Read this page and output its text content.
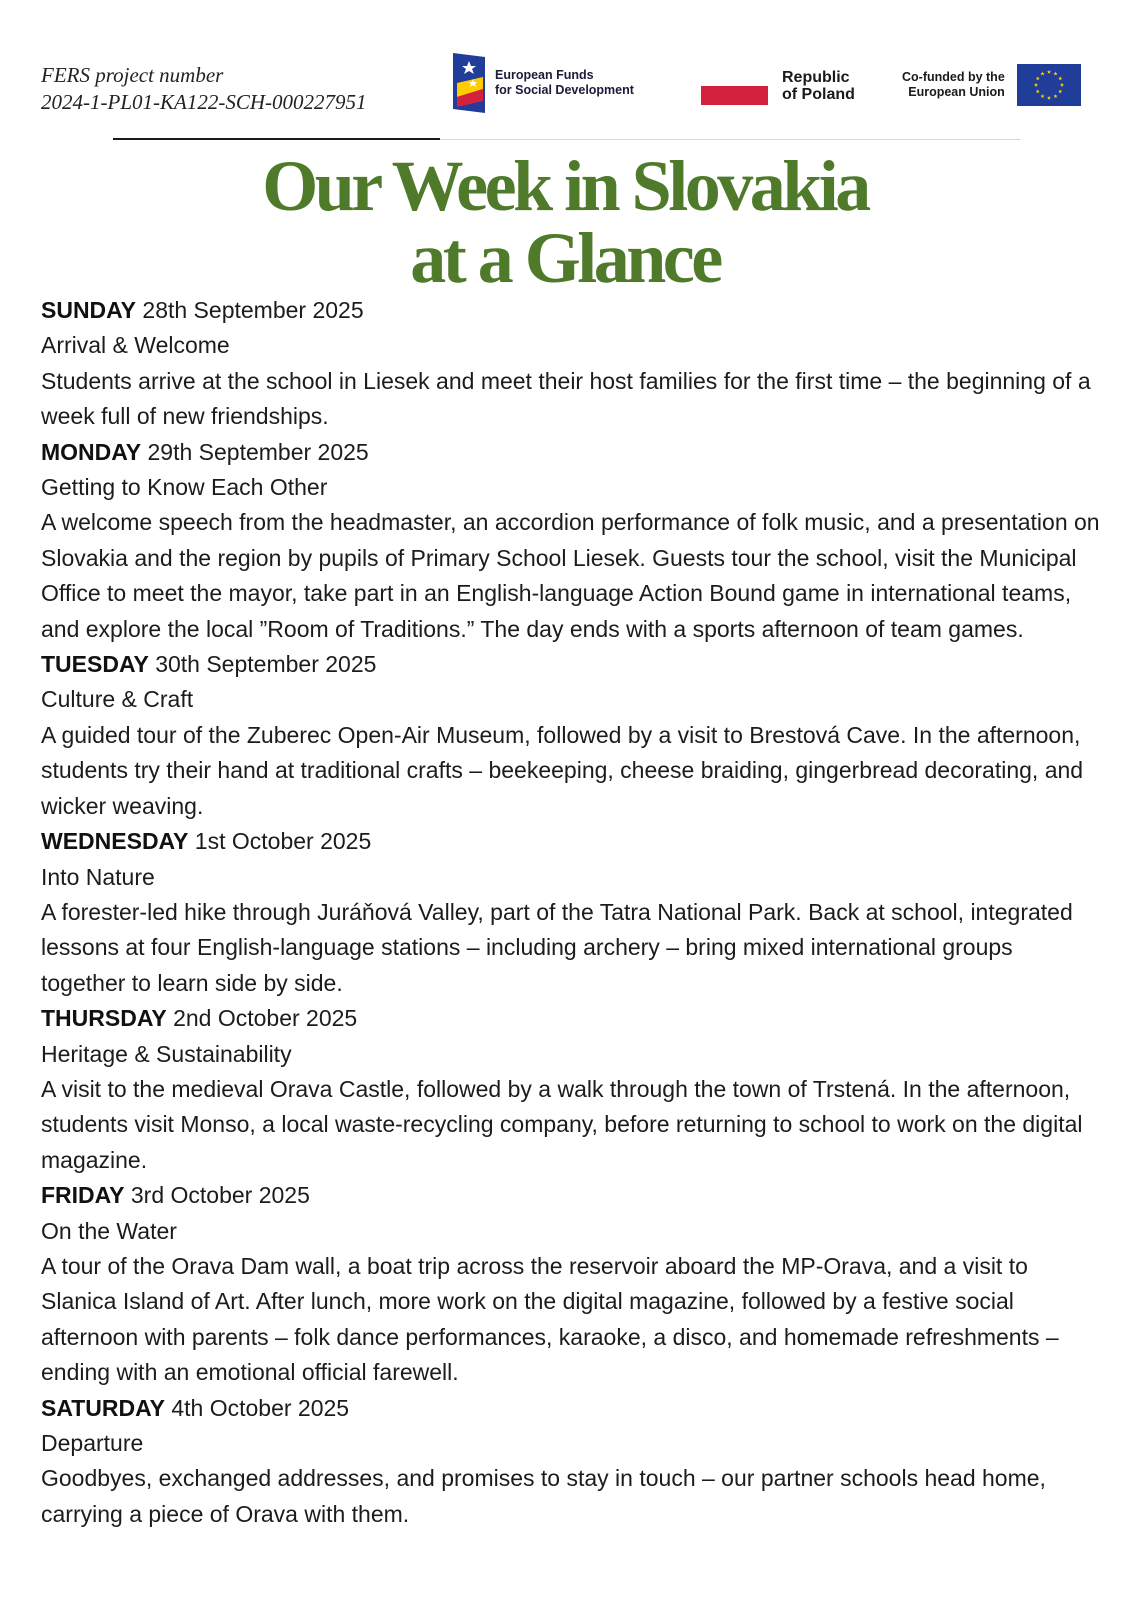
FERS project number
2024-1-PL01-KA122-SCH-000227951
European Funds
for Social Development
Republic
of Poland
Co-funded by the
European Union
Our Week in Slovakia
at a Glance

SUNDAY 28th September 2025

Arrival & Welcome

Students arrive at the school in Liesek and meet their host families for the first time – the beginning of a week full of new friendships.

MONDAY 29th September 2025

Getting to Know Each Other

A welcome speech from the headmaster, an accordion performance of folk music, and a presentation on Slovakia and the region by pupils of Primary School Liesek. Guests tour the school, visit the Municipal Office to meet the mayor, take part in an English-language Action Bound game in international teams, and explore the local ”Room of Traditions.” The day ends with a sports afternoon of team games.

TUESDAY 30th September 2025

Culture & Craft

A guided tour of the Zuberec Open-Air Museum, followed by a visit to Brestová Cave. In the afternoon, students try their hand at traditional crafts – beekeeping, cheese braiding, gingerbread decorating, and wicker weaving.

WEDNESDAY 1st October 2025

Into Nature

A forester-led hike through Juráňová Valley, part of the Tatra National Park. Back at school, integrated lessons at four English-language stations – including archery – bring mixed international groups together to learn side by side.

THURSDAY 2nd October 2025

Heritage & Sustainability

A visit to the medieval Orava Castle, followed by a walk through the town of Trstená. In the afternoon, students visit Monso, a local waste-recycling company, before returning to school to work on the digital magazine.

FRIDAY 3rd October 2025

On the Water

A tour of the Orava Dam wall, a boat trip across the reservoir aboard the MP-Orava, and a visit to Slanica Island of Art. After lunch, more work on the digital magazine, followed by a festive social afternoon with parents – folk dance performances, karaoke, a disco, and homemade refreshments – ending with an emotional official farewell.

SATURDAY 4th October 2025

Departure

Goodbyes, exchanged addresses, and promises to stay in touch – our partner schools head home, carrying a piece of Orava with them.
